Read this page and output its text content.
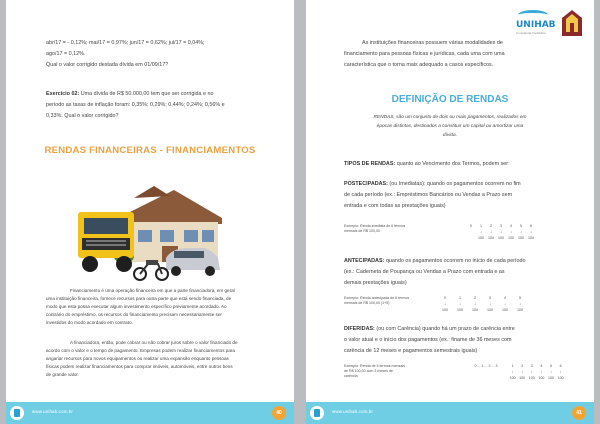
abr/17 = - 0,12%; mai/17 = 0,97%; jun/17 = 0,62%; jul/17 = 0,04%;
ago/17 = 0,12%.
Qual o valor corrigido destada dívida em 01/09/17?
Exercício 02: Uma dívida de R$ 50.000,00 tem que ser corrigida e no
período as taxas de inflação foram: 0,35%; 0,29%; 0,44%; 0,24%; 0,56% e
0,33%. Qual o valor corrigido?
RENDAS FINANCEIRAS - FINANCIAMENTOS
Financiamento é uma operação financeira em que a parte financiadora, em geral
uma instituição financeira, fornece recursos para outra parte que está sendo financiada, de
modo que esta possa executar algum investimento específico previamente acordado. Ao
contrário do empréstimo, os recursos do financiamento precisam necessariamente ser
investidos do modo acordado em contrato.
A financiadora, então, pode cobrar ou não cobrar juros sobre o valor financiado de
acordo com o valor e o tempo de pagamento. Empresas podem realizar financiamentos para
angariar recursos para novos equipamentos ou realizar uma expansão enquanto pessoas
físicas podem realizar financiamentos para comprar imóveis, automóveis, entre outros bens
de grande valor.
www.unihab.com.br	40
UNIHAB
Consultoria Imobiliária
As instituições financeiras possuem várias modalidades de
financiamento para pessoas físicas e jurídicas, cada uma com uma
característica que o torna mais adequado a casos específicos.
DEFINIÇÃO DE RENDAS
RENDAS, são um conjunto de dois ou mais pagamentos, realizados em
épocas distintas, destinados a constituir um capital ou amortizar uma
dívida.
TIPOS DE RENDAS: quanto ao Vencimento dos Termos, podem ser:
POSTECIPADAS: (ou Imediatas): quando os pagamentos ocorrem no fim
de cada período (ex.: Empréstimos Bancários ou Vendas a Prazo sem
entrada e com todas as prestações iguais)
Exemplo: Renda imediata de 6 termos mensais de R$ 100,00
0	1	2	3	4	5	6
↓
100
↓
100
↓
100
↓
100
↓
100
↓
100
ANTECIPADAS: quando os pagamentos ocorrem no início de cada período
(ex.: Caderneta de Poupança ou Vendas a Prazo com entrada e as
demais prestações iguais)
Exemplo: Renda antecipada de 6 termos mensais de R$ 100,00 (1+5)
0	1	2	3	4	5
↓
100
↓
100
↓
100
↓
100
↓
100
↓
100
DIFERIDAS: (ou com Carência) quando há um prazo de carência entre
o valor atual e o início dos pagamentos (ex.: finame de 36 meses com
carência de 12 meses e pagamentos semestrais iguais)
Exemplo: Renda de 6 termos mensais de R$ 100,00 com 3 meses de carência
0 ... 1 ... 2 ... 3	1	2	3	4	5	6
↓
100
↓
100
↓
100
↓
100
↓
100
↓
100
www.unihab.com.br	41
